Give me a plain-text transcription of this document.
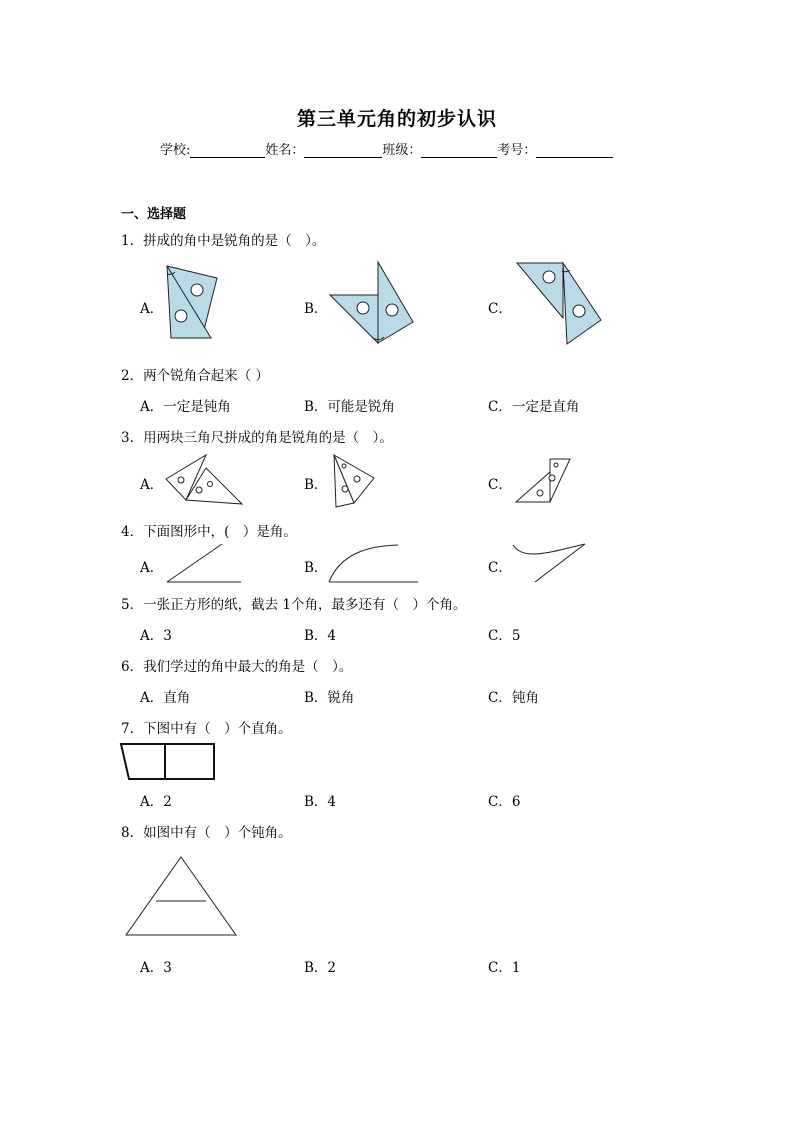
第三单元角的初步认识
学校:	姓名：	班级：	考号：
一、选择题
1．拼成的角中是锐角的是（　）。
A．	B．	C．
2．两个锐角合起来（ ）
A．一定是钝角	B．可能是锐角	C．一定是直角
3．用两块三角尺拼成的角是锐角的是（　）。
A．	B．	C．
4．下面图形中，(　）是角。
A．	B．	C．
5．一张正方形的纸，截去 1个角，最多还有（　）个角。
A．3	B．4	C．5
6．我们学过的角中最大的角是（　）。
A．直角	B．锐角	C．钝角
7．下图中有（　）个直角。
A．2	B．4	C．6
8．如图中有（　）个钝角。
A．3	B．2	C．1
